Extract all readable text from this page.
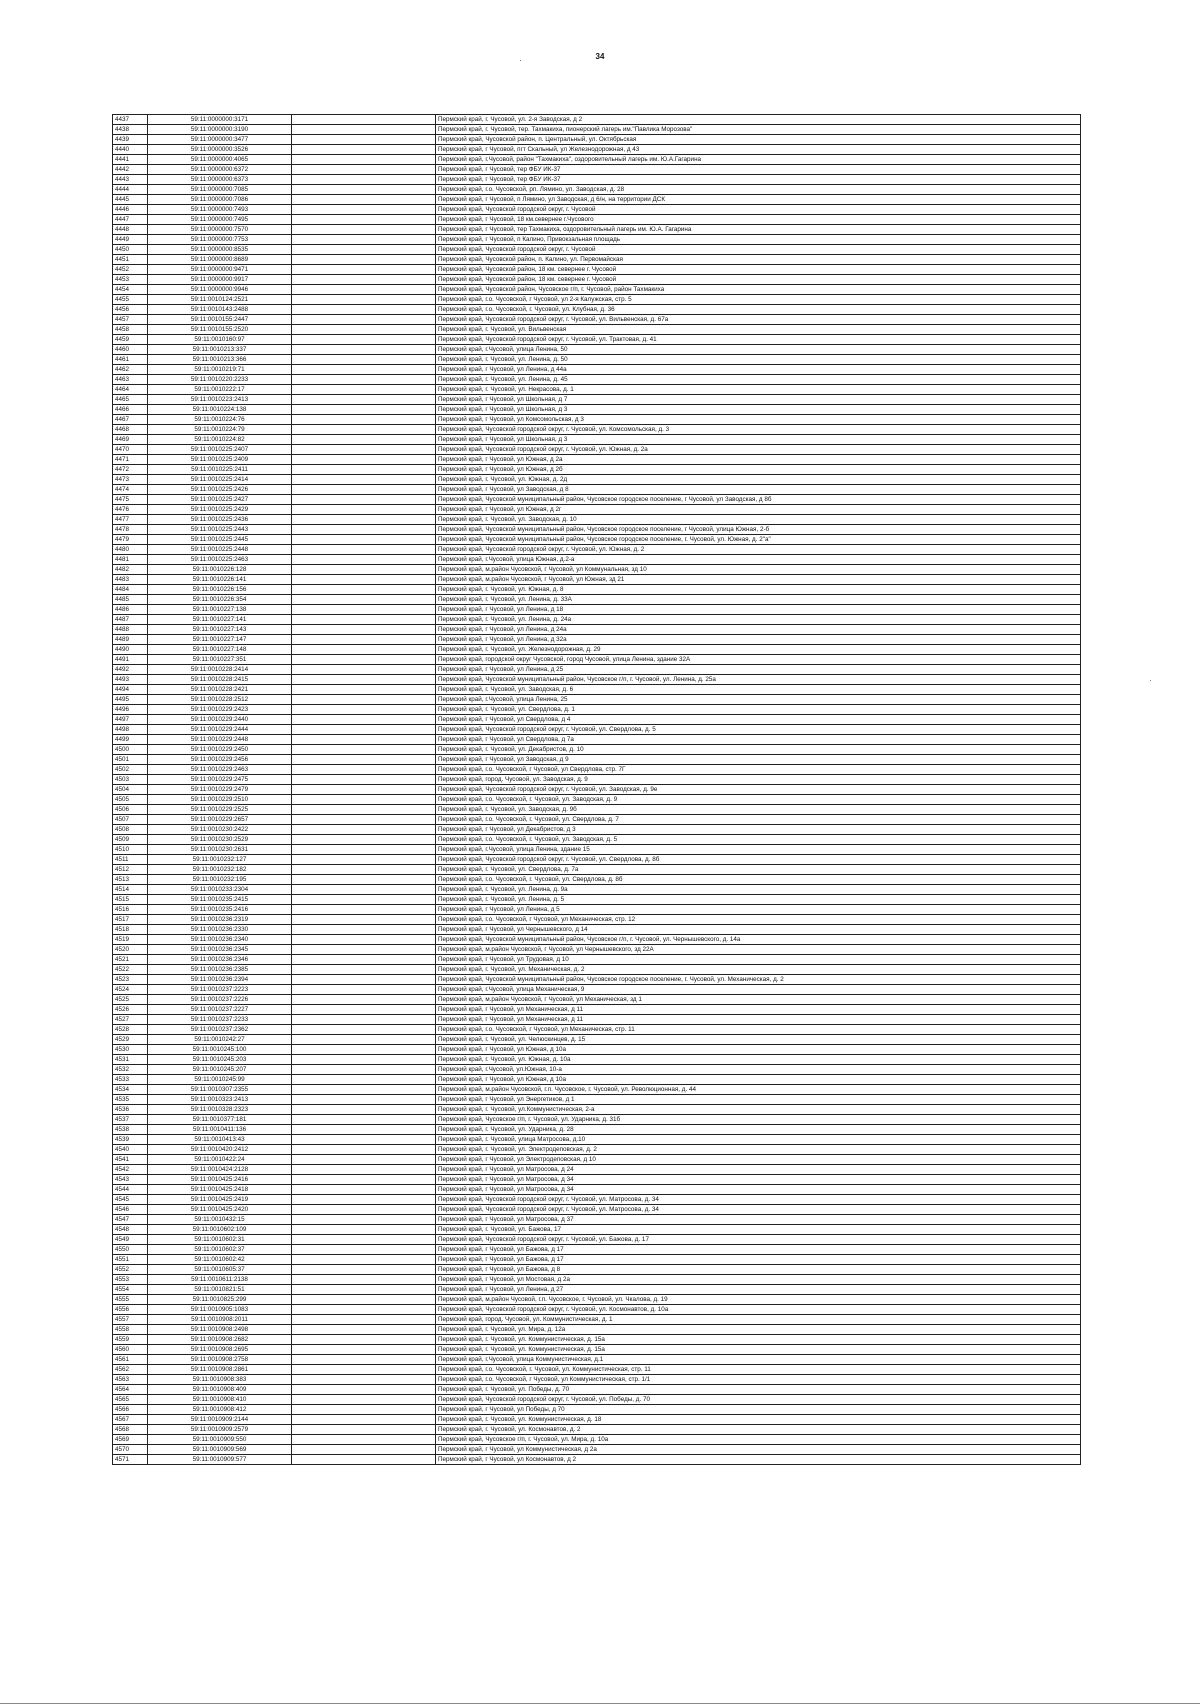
34
4437	59:11:0000000:3171		Пермский край, г. Чусовой, ул. 2-я Заводская, д 2
4438	59:11:0000000:3190		Пермский край, г. Чусовой, тер. Тахмакиха, пионерский лагерь им."Павлика Морозова"
4439	59:11:0000000:3477		Пермский край, Чусовской район, п. Центральный, ул. Октябрьская
4440	59:11:0000000:3526		Пермский край, г Чусовой, пгт Скальный, ул Железнодорожная, д 43
4441	59:11:0000000:4065		Пермский край, г.Чусовой, район "Тахмакиха", оздоровительный лагерь им. Ю.А.Гагарина
4442	59:11:0000000:6372		Пермский край, г Чусовой, тер ФБУ ИК-37
4443	59:11:0000000:6373		Пермский край, г Чусовой, тер ФБУ ИК-37
4444	59:11:0000000:7085		Пермский край, г.о. Чусовской, рп. Лямино, ул. Заводская, д. 28
4445	59:11:0000000:7086		Пермский край, г Чусовой, п Лямино, ул Заводская, д 6/н, на территории ДСК
4446	59:11:0000000:7493		Пермский край, Чусовской городской округ, г. Чусовой
4447	59:11:0000000:7495		Пермский край, г Чусовой, 18 км.севернее г.Чусового
4448	59:11:0000000:7570		Пермский край, г Чусовой, тер Тахмакиха, оздоровительный лагерь им. Ю.А. Гагарина
4449	59:11:0000000:7753		Пермский край, г Чусовой, п Калино, Привокзальная площадь
4450	59:11:0000000:8535		Пермский край, Чусовской городской округ, г. Чусовой
4451	59:11:0000000:8689		Пермский край, Чусовской район, п. Калино, ул. Первомайская
4452	59:11:0000000:9471		Пермский край, Чусовской район, 18 км. севернее г. Чусовой
4453	59:11:0000000:9917		Пермский край, Чусовской район, 18 км. севернее г. Чусовой
4454	59:11:0000000:9946		Пермский край, Чусовской район, Чусовское г/п, г. Чусовой, район Тахмакиха
4455	59:11:0010124:2521		Пермский край, г.о. Чусовской, г Чусовой, ул 2-я Калужская, стр. 5
4456	59:11:0010143:2488		Пермский край, г.о. Чусовской, г. Чусовой, ул. Клубная, д. 36
4457	59:11:0010155:2447		Пермский край, Чусовской городской округ, г. Чусовой, ул. Вильвенская, д. 67а
4458	59:11:0010155:2520		Пермский край, г. Чусовой, ул. Вильвенская
4459	59:11:0010160:97		Пермский край, Чусовской городской округ, г. Чусовой, ул. Трактовая, д. 41
4460	59:11:0010213:337		Пермский край, г.Чусовой, улица Ленина, 50
4461	59:11:0010213:366		Пермский край, г. Чусовой, ул. Ленина, д. 50
4462	59:11:0010219:71		Пермский край, г Чусовой, ул Ленина, д 44а
4463	59:11:0010220:2233		Пермский край, г. Чусовой, ул. Ленина, д. 45
4464	59:11:0010222:17		Пермский край, г. Чусовой, ул. Некрасова, д. 1
4465	59:11:0010223:2413		Пермский край, г Чусовой, ул Школьная, д 7
4466	59:11:0010224:138		Пермский край, г Чусовой, ул Школьная, д 3
4467	59:11:0010224:76		Пермский край, г Чусовой, ул Комсомольская, д 3
4468	59:11:0010224:79		Пермский край, Чусовской городской округ, г. Чусовой, ул. Комсомольская, д. 3
4469	59:11:0010224:82		Пермский край, г Чусовой, ул Школьная, д 3
4470	59:11:0010225:2407		Пермский край, Чусовской городской округ, г. Чусовой, ул. Южная, д. 2а
4471	59:11:0010225:2409		Пермский край, г Чусовой, ул Южная, д 2а
4472	59:11:0010225:2411		Пермский край, г Чусовой, ул Южная, д 2б
4473	59:11:0010225:2414		Пермский край, г. Чусовой, ул. Южная, д. 2д
4474	59:11:0010225:2426		Пермский край, г Чусовой, ул Заводская, д 8
4475	59:11:0010225:2427		Пермский край, Чусовской муниципальный район, Чусовское городское поселение, г Чусовой, ул Заводская, д 8б
4476	59:11:0010225:2429		Пермский край, г Чусовой, ул Южная, д 2г
4477	59:11:0010225:2436		Пермский край, г. Чусовой, ул. Заводская, д. 10
4478	59:11:0010225:2443		Пермский край, Чусовской муниципальный район, Чусовское городское поселение, г Чусовой, улица Южная, 2-б
4479	59:11:0010225:2445		Пермский край, Чусовской муниципальный район, Чусовское городское поселение, г. Чусовой, ул. Южная, д. 2"а"
4480	59:11:0010225:2448		Пермский край, Чусовской городской округ, г. Чусовой, ул. Южная, д. 2
4481	59:11:0010225:2463		Пермский край, г.Чусовой, улица Южная, д.2-а
4482	59:11:0010226:128		Пермский край, м.район Чусовской, г Чусовой, ул Коммунальная, зд 10
4483	59:11:0010226:141		Пермский край, м.район Чусовской, г Чусовой, ул Южная, зд 21
4484	59:11:0010226:156		Пермский край, г. Чусовой, ул. Южная, д. 8
4485	59:11:0010226:354		Пермский край, г. Чусовой, ул. Ленина, д. 33А
4486	59:11:0010227:138		Пермский край, г Чусовой, ул Ленина, д 18
4487	59:11:0010227:141		Пермский край, г. Чусовой, ул. Ленина, д. 24а
4488	59:11:0010227:143		Пермский край, г Чусовой, ул Ленина, д 24а
4489	59:11:0010227:147		Пермский край, г Чусовой, ул Ленина, д 32а
4490	59:11:0010227:148		Пермский край, г. Чусовой, ул. Железнодорожная, д. 29
4491	59:11:0010227:351		Пермский край, городской округ Чусовской, город Чусовой, улица Ленина, здание 32А
4492	59:11:0010228:2414		Пермский край, г Чусовой, ул Ленина, д 25
4493	59:11:0010228:2415		Пермский край, Чусовской муниципальный район, Чусовское г/п, г. Чусовой, ул. Ленина, д. 25а
4494	59:11:0010228:2421		Пермский край, г. Чусовой, ул. Заводская, д. 6
4495	59:11:0010228:2512		Пермский край, г.Чусовой, улица Ленина, 25
4496	59:11:0010229:2423		Пермский край, г. Чусовой, ул. Свердлова, д. 1
4497	59:11:0010229:2440		Пермский край, г Чусовой, ул Свердлова, д 4
4498	59:11:0010229:2444		Пермский край, Чусовской городской округ, г. Чусовой, ул. Свердлова, д. 5
4499	59:11:0010229:2448		Пермский край, г Чусовой, ул Свердлова, д 7а
4500	59:11:0010229:2450		Пермский край, г. Чусовой, ул. Декабристов, д. 10
4501	59:11:0010229:2456		Пермский край, г Чусовой, ул Заводская, д 9
4502	59:11:0010229:2463		Пермский край, г.о. Чусовской, г Чусовой, ул Свердлова, стр. 7Г
4503	59:11:0010229:2475		Пермский край, город. Чусовой, ул. Заводская, д. 9
4504	59:11:0010229:2479		Пермский край, Чусовской городской округ, г. Чусовой, ул. Заводская, д. 9е
4505	59:11:0010229:2510		Пермский край, г.о. Чусовской, г. Чусовой, ул. Заводская, д. 9
4506	59:11:0010229:2525		Пермский край, г. Чусовой, ул. Заводская, д. 9б
4507	59:11:0010229:2657		Пермский край, г.о. Чусовской, г. Чусовой, ул. Свердлова, д. 7
4508	59:11:0010230:2422		Пермский край, г Чусовой, ул Декабристов, д 3
4509	59:11:0010230:2529		Пермский край, г.о. Чусовской, г. Чусовой, ул. Заводская, д. 5
4510	59:11:0010230:2631		Пермский край, г.Чусовой, улица Ленина, здание 15
4511	59:11:0010232:127		Пермский край, Чусовской городской округ, г. Чусовой, ул. Свердлова, д. 8б
4512	59:11:0010232:182		Пермский край, г. Чусовой, ул. Свердлова, д. 7а
4513	59:11:0010232:195		Пермский край, г.о. Чусовской, г. Чусовой, ул. Свердлова, д. 8б
4514	59:11:0010233:2304		Пермский край, г. Чусовой, ул. Ленина, д. 9а
4515	59:11:0010235:2415		Пермский край, г. Чусовой, ул. Ленина, д. 5
4516	59:11:0010235:2416		Пермский край, г Чусовой, ул Ленина, д 5
4517	59:11:0010236:2319		Пермский край, г.о. Чусовской, г Чусовой, ул Механическая, стр. 12
4518	59:11:0010236:2330		Пермский край, г Чусовой, ул Чернышевского, д 14
4519	59:11:0010236:2340		Пермский край, Чусовской муниципальный район, Чусовское г/п, г. Чусовой, ул. Чернышевского, д. 14а
4520	59:11:0010236:2345		Пермский край, м.район Чусовской, г Чусовой, ул Чернышевского, зд 22А
4521	59:11:0010236:2346		Пермский край, г Чусовой, ул Трудовая, д 10
4522	59:11:0010236:2385		Пермский край, г. Чусовой, ул. Механическая, д. 2
4523	59:11:0010236:2394		Пермский край, Чусовской муниципальный район, Чусовское городское поселение, г. Чусовой, ул. Механическая, д. 2
4524	59:11:0010237:2223		Пермский край, г.Чусовой, улица Механическая, 9
4525	59:11:0010237:2226		Пермский край, м.район Чусовской, г Чусовой, ул Механическая, зд 1
4526	59:11:0010237:2227		Пермский край, г Чусовой, ул Механическая, д 11
4527	59:11:0010237:2233		Пермский край, г Чусовой, ул Механическая, д 11
4528	59:11:0010237:2362		Пермский край, г.о. Чусовской, г Чусовой, ул Механическая, стр. 11
4529	59:11:0010242:27		Пермский край, г. Чусовой, ул. Челюскинцев, д. 15
4530	59:11:0010245:100		Пермский край, г Чусовой, ул Южная, д 10а
4531	59:11:0010245:203		Пермский край, г. Чусовой, ул. Южная, д. 10а
4532	59:11:0010245:207		Пермский край, г.Чусовой, ул.Южная, 10-а
4533	59:11:0010245:99		Пермский край, г Чусовой, ул Южная, д 10а
4534	59:11:0010307:2355		Пермский край, м.район Чусовской, г.п. Чусовское, г. Чусовой, ул. Революционная, д. 44
4535	59:11:0010323:2413		Пермский край, г Чусовой, ул Энергетиков, д 1
4536	59:11:0010328:2323		Пермский край, г. Чусовой, ул.Коммунистическая, 2-а
4537	59:11:0010377:181		Пермский край, Чусовское г/п, г. Чусовой, ул. Ударника, д. 31б
4538	59:11:0010411:136		Пермский край, г. Чусовой, ул. Ударника, д. 28
4539	59:11:0010413:43		Пермский край, г. Чусовой, улица Матросова, д.10
4540	59:11:0010420:2412		Пермский край, г. Чусовой, ул. Электродеповская, д. 2
4541	59:11:0010422:24		Пермский край, г Чусовой, ул Электродеповская, д 10
4542	59:11:0010424:2128		Пермский край, г Чусовой, ул Матросова, д 24
4543	59:11:0010425:2416		Пермский край, г Чусовой, ул Матросова, д 34
4544	59:11:0010425:2418		Пермский край, г Чусовой, ул Матросова, д 34
4545	59:11:0010425:2419		Пермский край, Чусовской городской округ, г. Чусовой, ул. Матросова, д. 34
4546	59:11:0010425:2420		Пермский край, Чусовской городской округ, г. Чусовой, ул. Матросова, д. 34
4547	59:11:0010432:15		Пермский край, г Чусовой, ул Матросова, д 37
4548	59:11:0010602:109		Пермский край, г. Чусовой, ул. Бажова, 17
4549	59:11:0010602:31		Пермский край, Чусовской городской округ, г. Чусовой, ул. Бажова, д. 17
4550	59:11:0010602:37		Пермский край, г Чусовой, ул Бажова, д 17
4551	59:11:0010602:42		Пермский край, г Чусовой, ул Бажова, д 17
4552	59:11:0010605:37		Пермский край, г Чусовой, ул Бажова, д 8
4553	59:11:0010611:2138		Пермский край, г Чусовой, ул Мостовая, д 2а
4554	59:11:0010821:51		Пермский край, г Чусовой, ул Ленина, д 27
4555	59:11:0010825:299		Пермский край, м.район Чусовой, г.п. Чусовское, г. Чусовой, ул. Чкалова, д. 19
4556	59:11:0010905:1083		Пермский край, Чусовской городской округ, г. Чусовой, ул. Космонавтов, д. 10а
4557	59:11:0010908:2011		Пермский край, город. Чусовой, ул. Коммунистическая, д. 1
4558	59:11:0010908:2498		Пермский край, г. Чусовой, ул. Мира, д. 12а
4559	59:11:0010908:2682		Пермский край, г. Чусовой, ул. Коммунистическая, д. 15а
4560	59:11:0010908:2695		Пермский край, г. Чусовой, ул. Коммунистическая, д. 15а
4561	59:11:0010908:2758		Пермский край, г.Чусовой, улица Коммунистическая, д.1
4562	59:11:0010908:2861		Пермский край, г.о. Чусовской, г. Чусовой, ул. Коммунистическая, стр. 11
4563	59:11:0010908:383		Пермский край, г.о. Чусовской, г Чусовой, ул Коммунистическая, стр. 1/1
4564	59:11:0010908:409		Пермский край, г. Чусовой, ул. Победы, д. 70
4565	59:11:0010908:410		Пермский край, Чусовской городской округ, г. Чусовой, ул. Победы, д. 70
4566	59:11:0010908:412		Пермский край, г Чусовой, ул Победы, д 70
4567	59:11:0010909:2144		Пермский край, г. Чусовой, ул. Коммунистическая, д. 18
4568	59:11:0010909:2579		Пермский край, г. Чусовой, ул. Космонавтов, д. 2
4569	59:11:0010909:550		Пермский край, Чусовское г/п, г. Чусовой, ул. Мира, д. 10а
4570	59:11:0010909:569		Пермский край, г Чусовой, ул Коммунистическая, д 2а
4571	59:11:0010909:577		Пермский край, г Чусовой, ул Космонавтов, д 2
